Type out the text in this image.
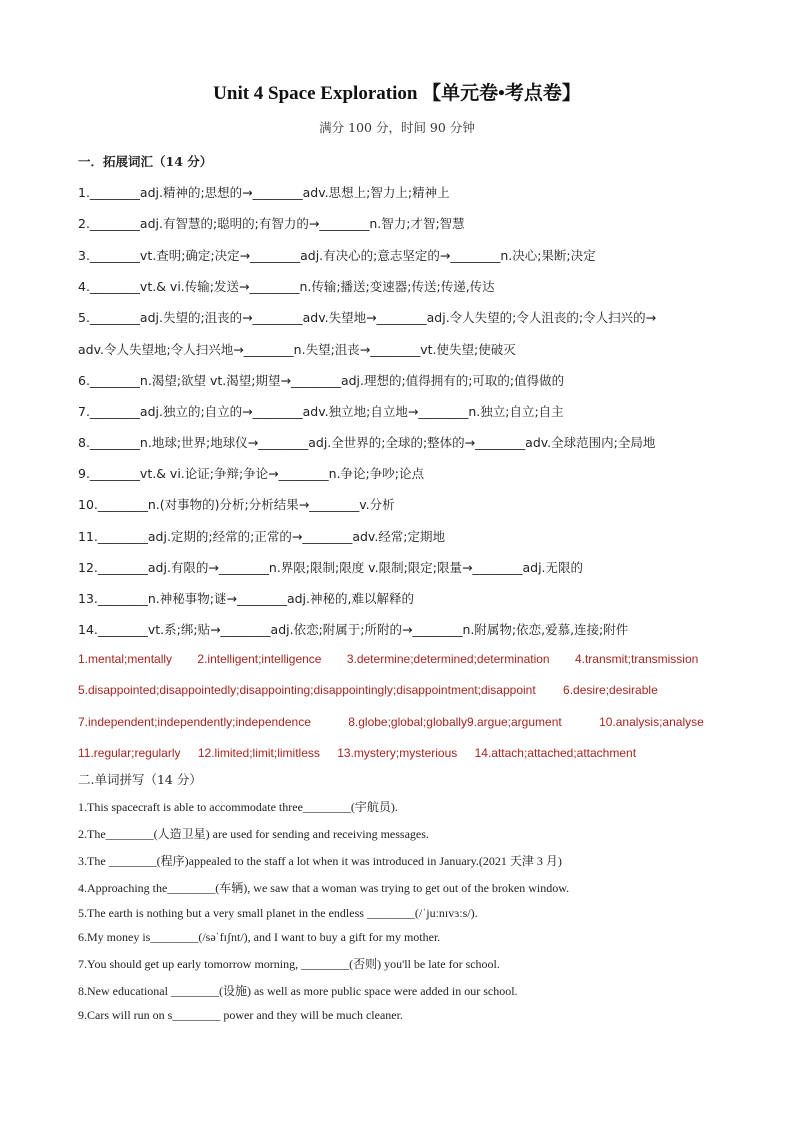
Unit 4 Space Exploration 【单元卷•考点卷】
满分 100 分，时间 90 分钟
一．拓展词汇（14 分）
1.________adj.精神的;思想的→________adv.思想上;智力上;精神上
2.________adj.有智慧的;聪明的;有智力的→________n.智力;才智;智慧
3.________vt.查明;确定;决定→________adj.有决心的;意志坚定的→________n.决心;果断;决定
4.________vt.& vi.传输;发送→________n.传输;播送;变速器;传送;传递,传达
5.________adj.失望的;沮丧的→________adv.失望地→________adj.令人失望的;令人沮丧的;令人扫兴的→
adv.令人失望地;令人扫兴地→________n.失望;沮丧→________vt.使失望;使破灭
6.________n.渴望;欲望 vt.渴望;期望→________adj.理想的;值得拥有的;可取的;值得做的
7.________adj.独立的;自立的→________adv.独立地;自立地→________n.独立;自立;自主
8.________n.地球;世界;地球仪→________adj.全世界的;全球的;整体的→________adv.全球范围内;全局地
9.________vt.& vi.论证;争辩;争论→________n.争论;争吵;论点
10.________n.(对事物的)分析;分析结果→________v.分析
11.________adj.定期的;经常的;正常的→________adv.经常;定期地
12.________adj.有限的→________n.界限;限制;限度 v.限制;限定;限量→________adj.无限的
13.________n.神秘事物;谜→________adj.神秘的,难以解释的
14.________vt.系;绑;贴→________adj.依恋;附属于;所附的→________n.附属物;依恋,爱慕,连接;附件
1.mental;mentally 2.intelligent;intelligence 3.determine;determined;determination 4.transmit;transmission
5.disappointed;disappointedly;disappointing;disappointingly;disappointment;disappoint 6.desire;desirable
7.independent;independently;independence	8.globe;global;globally9.argue;argument	10.analysis;analyse
11.regular;regularly 12.limited;limit;limitless 13.mystery;mysterious 14.attach;attached;attachment
二.单词拼写（14 分）
1.This spacecraft is able to accommodate three________(宇航员).
2.The________(人造卫星) are used for sending and receiving messages.
3.The ________(程序)appealed to the staff a lot when it was introduced in January.(2021 天津 3 月)
4.Approaching the________(车辆), we saw that a woman was trying to get out of the broken window.
5.The earth is nothing but a very small planet in the endless ________(/ˈjuːnɪvɜːs/).
6.My money is________(/səˈfɪʃnt/), and I want to buy a gift for my mother.
7.You should get up early tomorrow morning, ________(否则) you'll be late for school.
8.New educational ________(设施) as well as more public space were added in our school.
9.Cars will run on s________ power and they will be much cleaner.
